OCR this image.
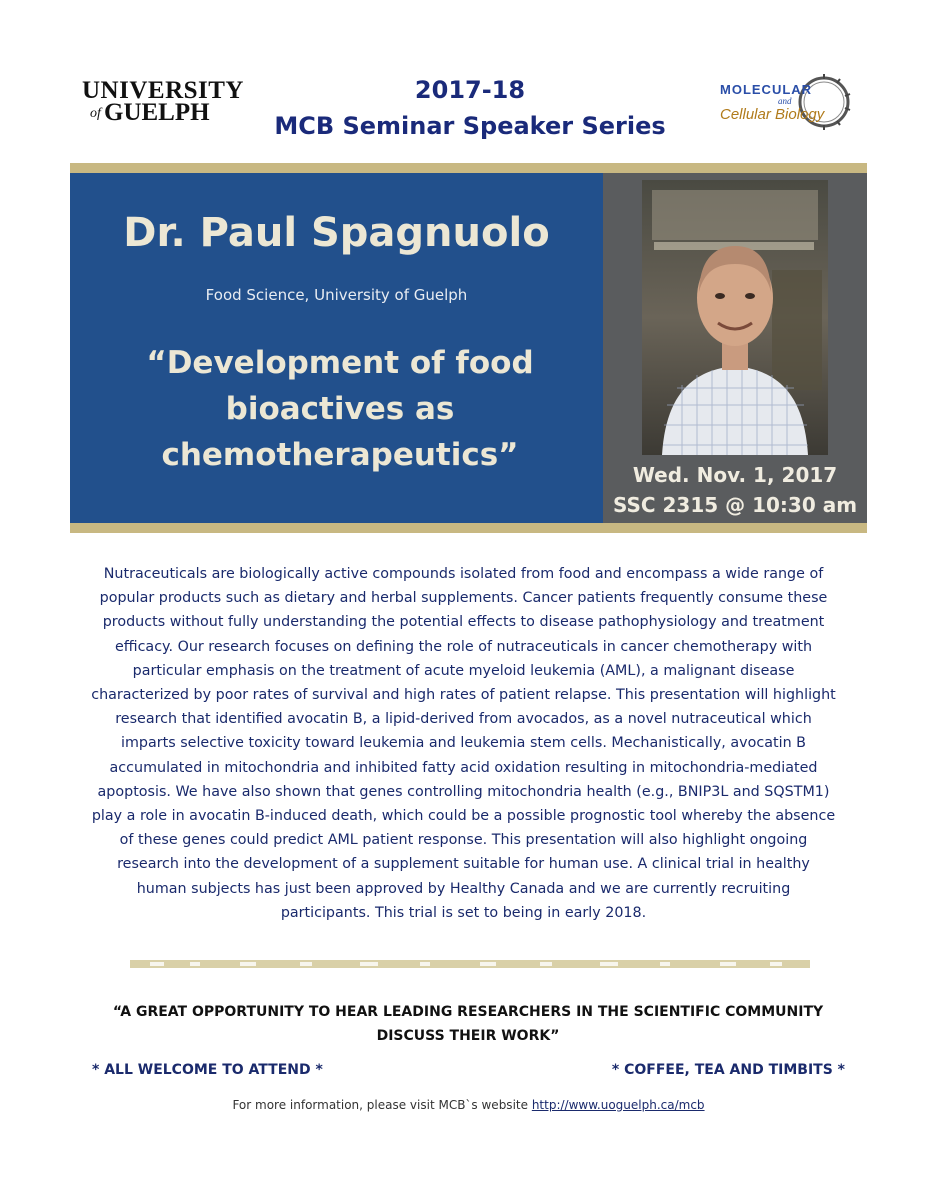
UNIVERSITY
of GUELPH
2017-18
MCB Seminar Speaker Series
MOLECULAR
and
Cellular Biology
Dr. Paul Spagnuolo
Food Science, University of Guelph
“Development of food bioactives as chemotherapeutics”
Wed. Nov. 1, 2017
SSC 2315 @ 10:30 am
Nutraceuticals are biologically active compounds isolated from food and encompass a wide range of popular products such as dietary and herbal supplements. Cancer patients frequently consume these products without fully understanding the potential effects to disease pathophysiology and treatment efficacy. Our research focuses on defining the role of nutraceuticals in cancer chemotherapy with particular emphasis on the treatment of acute myeloid leukemia (AML), a malignant disease characterized by poor rates of survival and high rates of patient relapse. This presentation will highlight research that identified avocatin B, a lipid-derived from avocados, as a novel nutraceutical which imparts selective toxicity toward leukemia and leukemia stem cells. Mechanistically, avocatin B accumulated in mitochondria and inhibited fatty acid oxidation resulting in mitochondria-mediated apoptosis. We have also shown that genes controlling mitochondria health (e.g., BNIP3L and SQSTM1) play a role in avocatin B-induced death, which could be a possible prognostic tool whereby the absence of these genes could predict AML patient response. This presentation will also highlight ongoing research into the development of a supplement suitable for human use. A clinical trial in healthy human subjects has just been approved by Healthy Canada and we are currently recruiting participants. This trial is set to being in early 2018.
“A GREAT OPPORTUNITY TO HEAR LEADING RESEARCHERS IN THE SCIENTIFIC COMMUNITY DISCUSS THEIR WORK”
* ALL WELCOME TO ATTEND *	* COFFEE, TEA AND TIMBITS *
For more information, please visit MCB`s website http://www.uoguelph.ca/mcb
